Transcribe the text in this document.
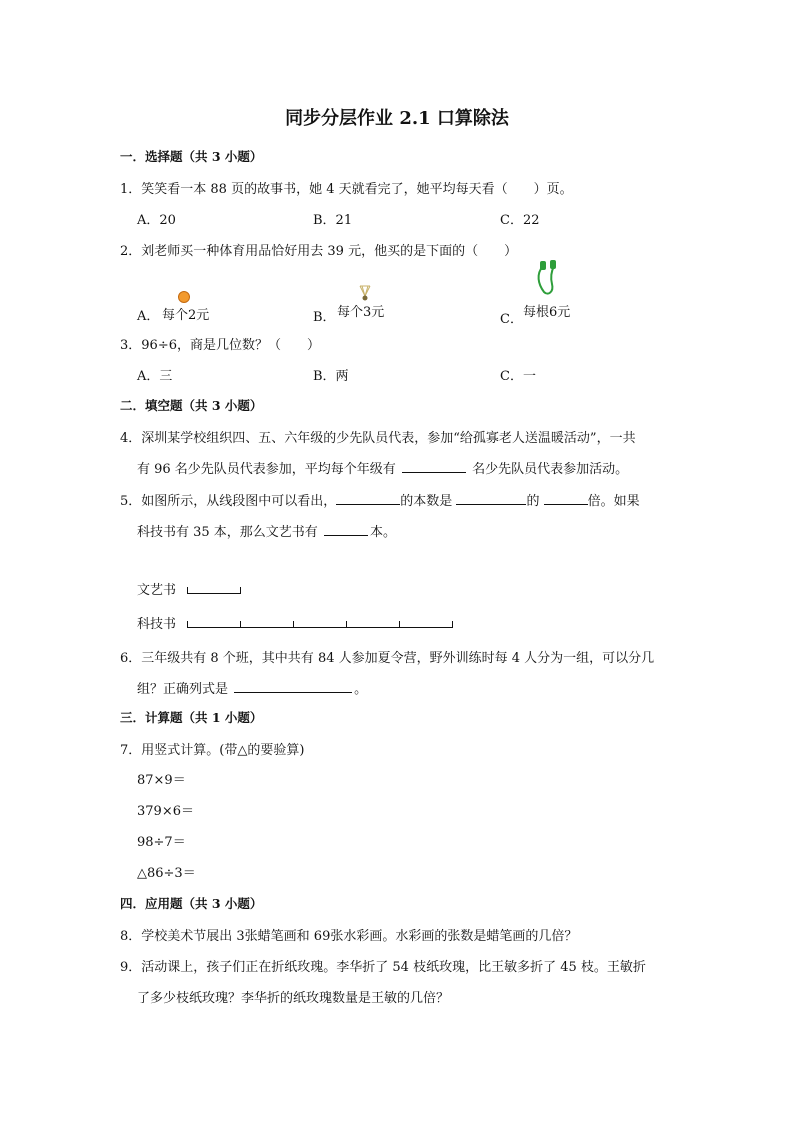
同步分层作业 2.1 口算除法
一．选择题（共 3 小题）
1．笑笑看一本 88 页的故事书，她 4 天就看完了，她平均每天看（　　）页。
A．20	B．21	C．22
2．刘老师买一种体育用品恰好用去 39 元，他买的是下面的（　　）
A． 每个2元	B． 每个3元	C． 每根6元
3．96÷6，商是几位数？（　　）
A．三	B．两	C．一
二．填空题（共 3 小题）
4．深圳某学校组织四、五、六年级的少先队员代表，参加“给孤寡老人送温暖活动”，一共
有 96 名少先队员代表参加，平均每个年级有	名少先队员代表参加活动。
5．如图所示，从线段图中可以看出，	的本数是	的	倍。如果
科技书有 35 本，那么文艺书有	本。
文艺书
科技书
6．三年级共有 8 个班，其中共有 84 人参加夏令营，野外训练时每 4 人分为一组，可以分几
组？正确列式是	。
三．计算题（共 1 小题）
7．用竖式计算。(带△的要验算)
87×9＝
379×6＝
98÷7＝
△86÷3＝
四．应用题（共 3 小题）
8．学校美术节展出 3张蜡笔画和 69张水彩画。水彩画的张数是蜡笔画的几倍？
9．活动课上，孩子们正在折纸玫瑰。李华折了 54 枝纸玫瑰，比王敏多折了 45 枝。王敏折
了多少枝纸玫瑰？李华折的纸玫瑰数量是王敏的几倍？
